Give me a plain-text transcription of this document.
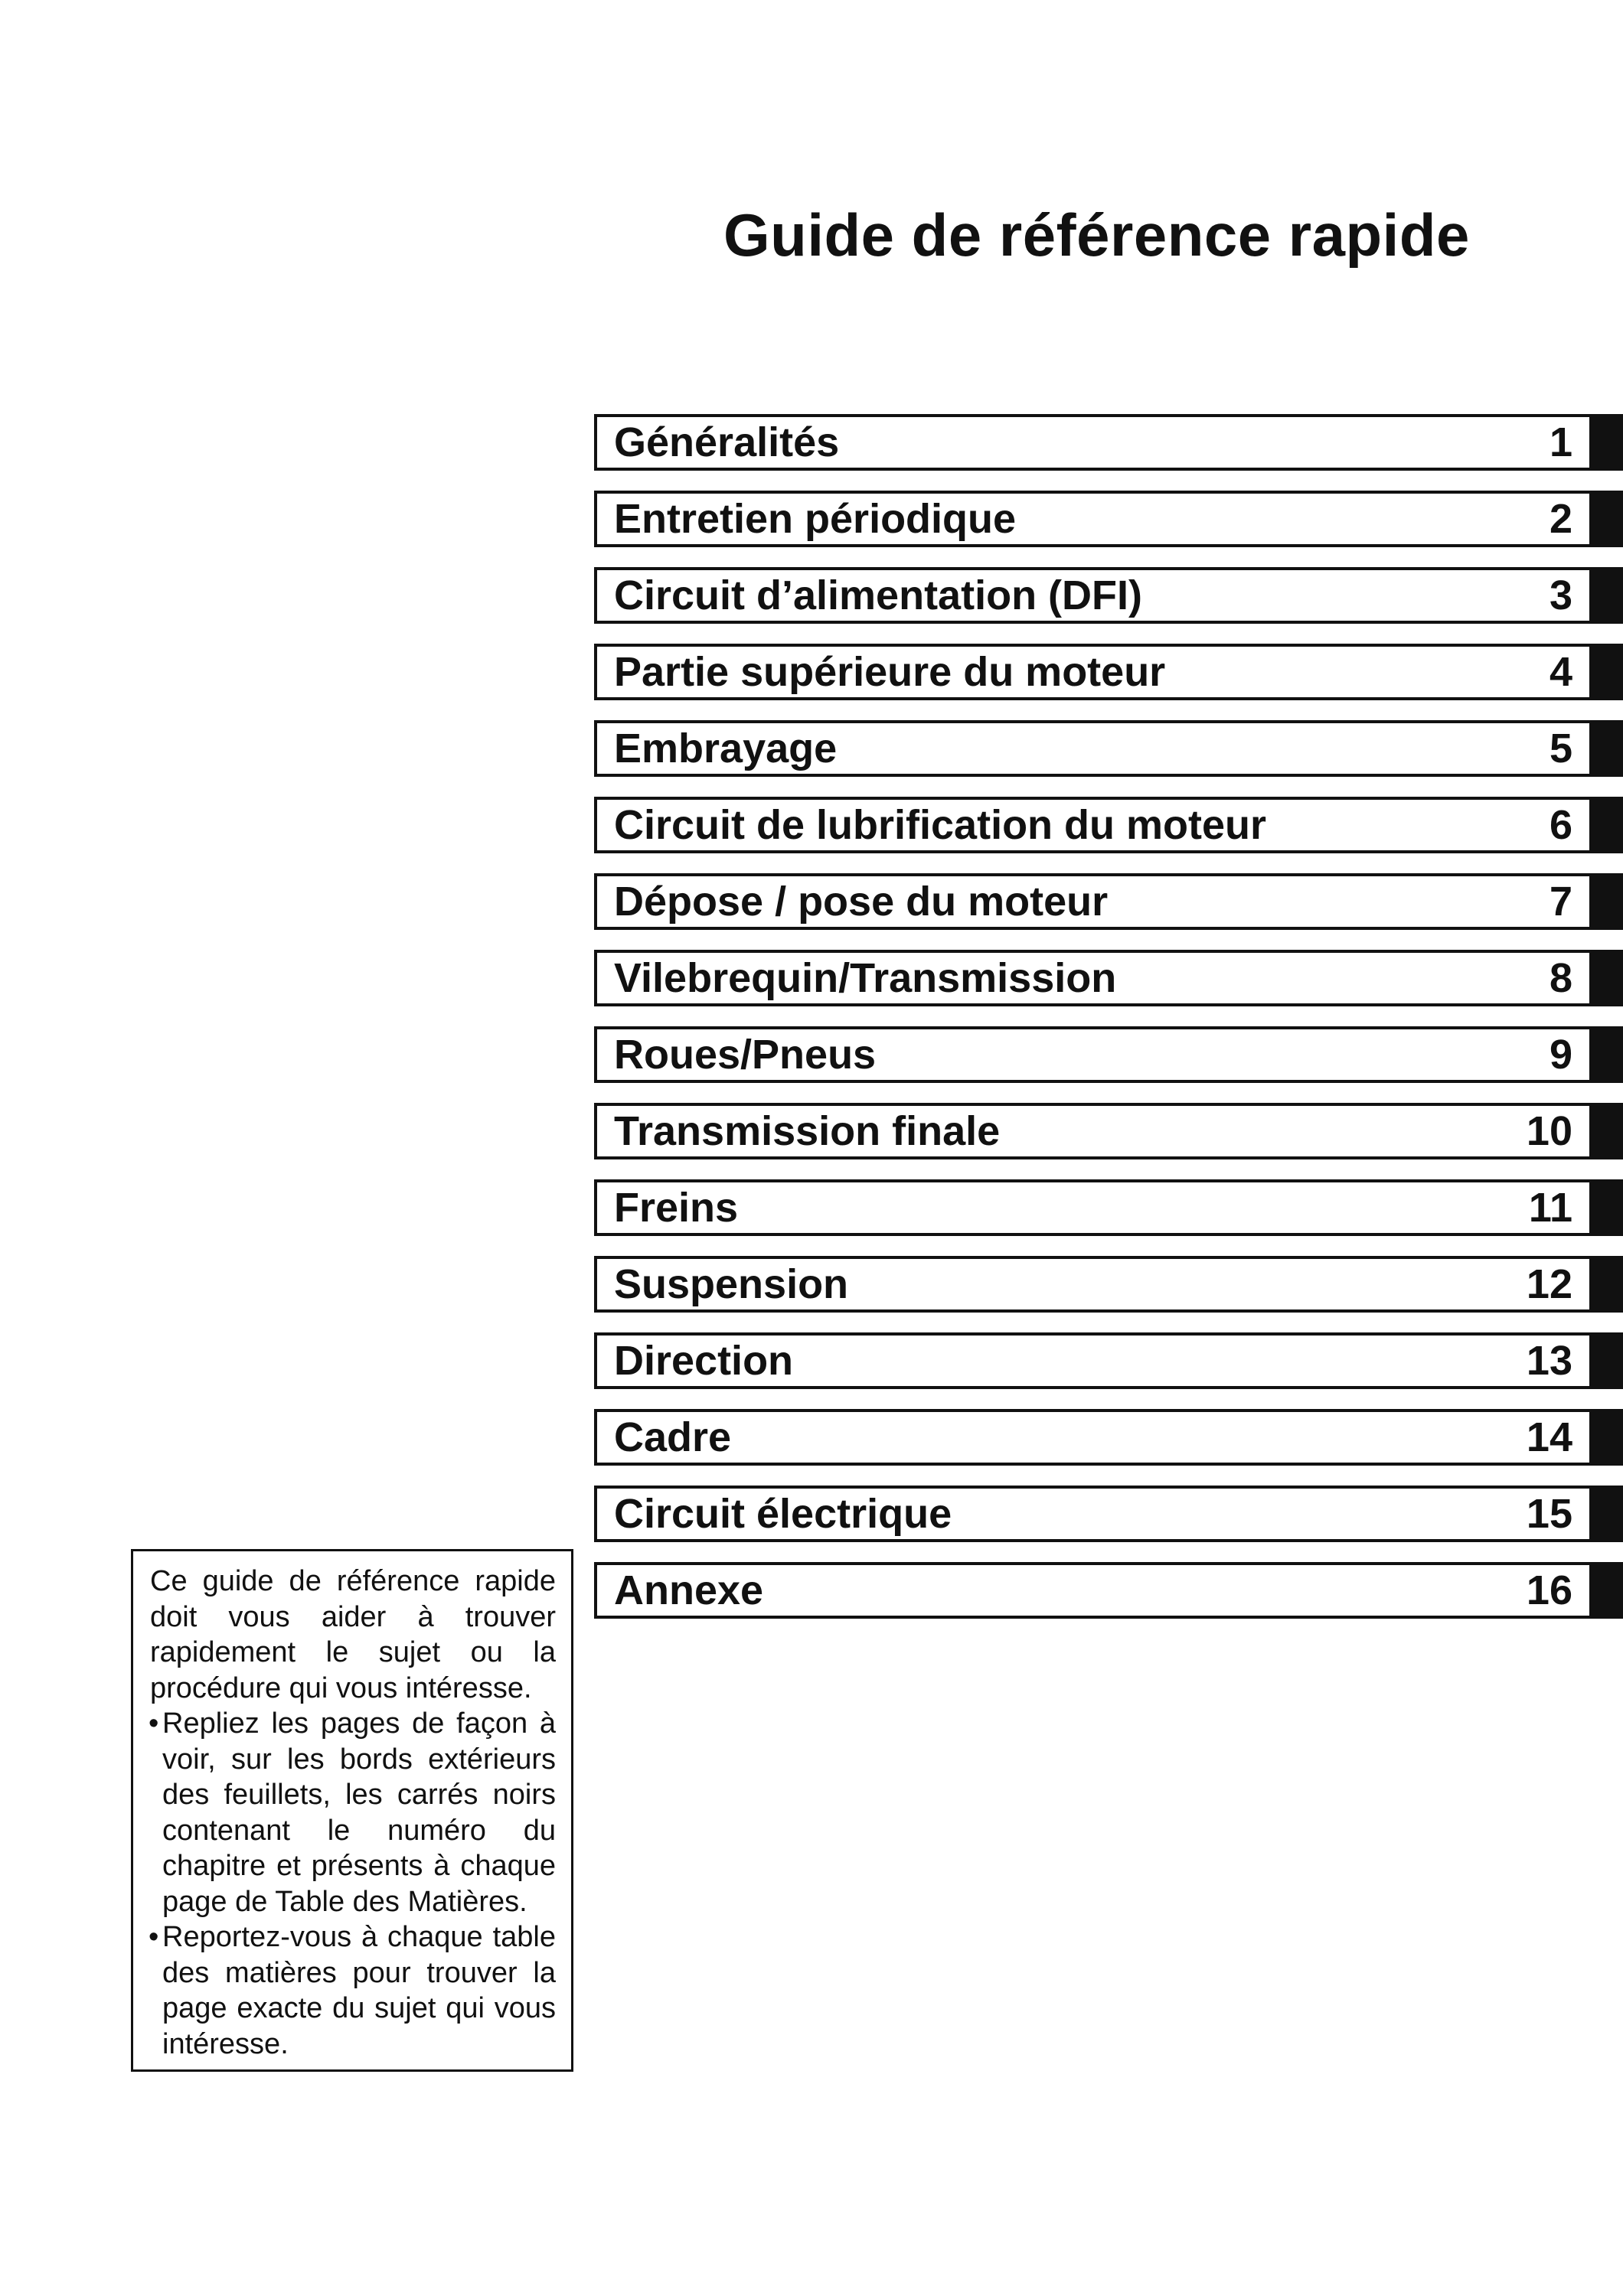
Guide de référence rapide
Généralités	1
Entretien périodique	2
Circuit d’alimentation (DFI)	3
Partie supérieure du moteur	4
Embrayage	5
Circuit de lubrification du moteur	6
Dépose / pose du moteur	7
Vilebrequin/Transmission	8
Roues/Pneus	9
Transmission finale	10
Freins	11
Suspension	12
Direction	13
Cadre	14
Circuit électrique	15
Annexe	16

Ce guide de référence rapide doit vous aider à trouver rapidement le sujet ou la procédure qui vous intéresse.

• Repliez les pages de façon à voir, sur les bords extérieurs des feuillets, les carrés noirs contenant le numéro du chapitre et présents à chaque page de Table des Matières.

• Reportez-vous à chaque table des matières pour trouver la page exacte du sujet qui vous intéresse.
